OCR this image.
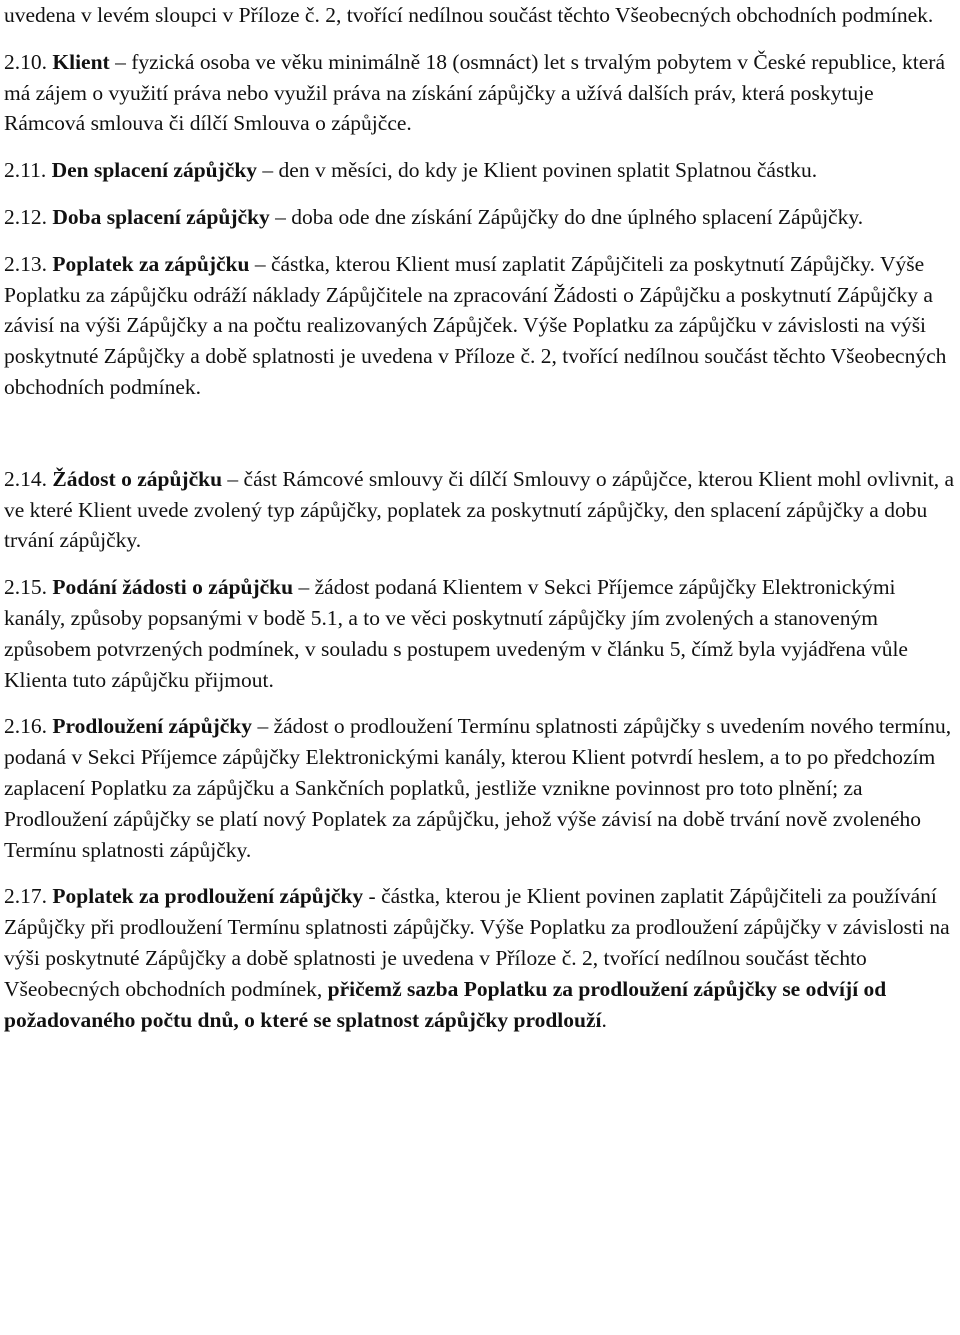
uvedena v levém sloupci v Příloze č. 2, tvořící nedílnou součást těchto Všeobecných obchodních podmínek.

2.10. Klient – fyzická osoba ve věku minimálně 18 (osmnáct) let s trvalým pobytem v České republice, která má zájem o využití práva nebo využil práva na získání zápůjčky a užívá dalších práv, která poskytuje Rámcová smlouva či dílčí Smlouva o zápůjčce.

2.11. Den splacení zápůjčky – den v měsíci, do kdy je Klient povinen splatit Splatnou částku.

2.12. Doba splacení zápůjčky – doba ode dne získání Zápůjčky do dne úplného splacení Zápůjčky.

2.13. Poplatek za zápůjčku – částka, kterou Klient musí zaplatit Zápůjčiteli za poskytnutí Zápůjčky. Výše Poplatku za zápůjčku odráží náklady Zápůjčitele na zpracování Žádosti o Zápůjčku a poskytnutí Zápůjčky a závisí na výši Zápůjčky a na počtu realizovaných Zápůjček. Výše Poplatku za zápůjčku v závislosti na výši poskytnuté Zápůjčky a době splatnosti je uvedena v Příloze č. 2, tvořící nedílnou součást těchto Všeobecných obchodních podmínek.

2.14. Žádost o zápůjčku – část Rámcové smlouvy či dílčí Smlouvy o zápůjčce, kterou Klient mohl ovlivnit, a ve které Klient uvede zvolený typ zápůjčky, poplatek za poskytnutí zápůjčky, den splacení zápůjčky a dobu trvání zápůjčky.

2.15. Podání žádosti o zápůjčku – žádost podaná Klientem v Sekci Příjemce zápůjčky Elektronickými kanály, způsoby popsanými v bodě 5.1, a to ve věci poskytnutí zápůjčky jím zvolených a stanoveným způsobem potvrzených podmínek, v souladu s postupem uvedeným v článku 5, čímž byla vyjádřena vůle Klienta tuto zápůjčku přijmout.

2.16. Prodloužení zápůjčky – žádost o prodloužení Termínu splatnosti zápůjčky s uvedením nového termínu, podaná v Sekci Příjemce zápůjčky Elektronickými kanály, kterou Klient potvrdí heslem, a to po předchozím zaplacení Poplatku za zápůjčku a Sankčních poplatků, jestliže vznikne povinnost pro toto plnění; za Prodloužení zápůjčky se platí nový Poplatek za zápůjčku, jehož výše závisí na době trvání nově zvoleného Termínu splatnosti zápůjčky.

2.17. Poplatek za prodloužení zápůjčky - částka, kterou je Klient povinen zaplatit Zápůjčiteli za používání Zápůjčky při prodloužení Termínu splatnosti zápůjčky. Výše Poplatku za prodloužení zápůjčky v závislosti na výši poskytnuté Zápůjčky a době splatnosti je uvedena v Příloze č. 2, tvořící nedílnou součást těchto Všeobecných obchodních podmínek, přičemž sazba Poplatku za prodloužení zápůjčky se odvíjí od požadovaného počtu dnů, o které se splatnost zápůjčky prodlouží.
